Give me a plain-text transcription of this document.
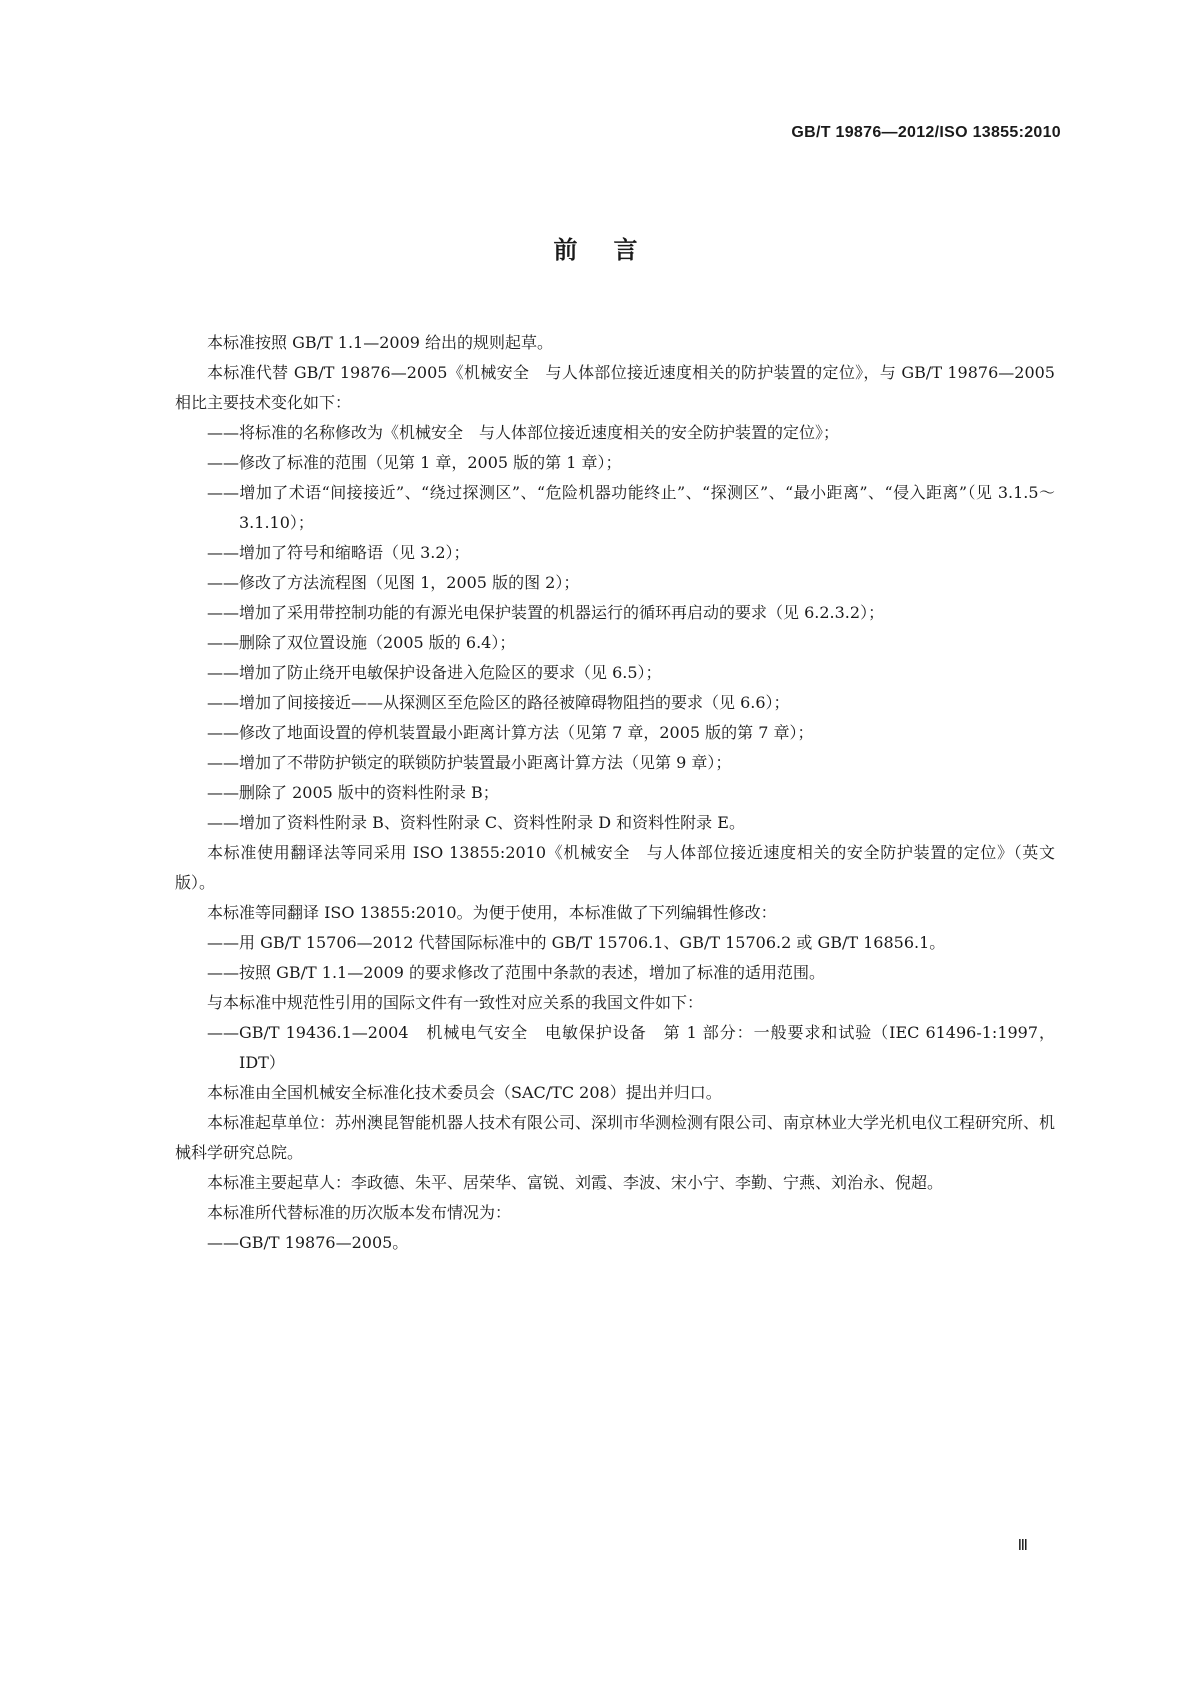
GB/T 19876—2012/ISO 13855:2010
前言

本标准按照 GB/T 1.1—2009 给出的规则起草。

本标准代替 GB/T 19876—2005《机械安全　与人体部位接近速度相关的防护装置的定位》，与 GB/T 19876—2005 相比主要技术变化如下：

——将标准的名称修改为《机械安全　与人体部位接近速度相关的安全防护装置的定位》；

——修改了标准的范围（见第 1 章，2005 版的第 1 章）；

——增加了术语“间接接近”、“绕过探测区”、“危险机器功能终止”、“探测区”、“最小距离”、“侵入距离”（见 3.1.5～3.1.10）；

——增加了符号和缩略语（见 3.2）；

——修改了方法流程图（见图 1，2005 版的图 2）；

——增加了采用带控制功能的有源光电保护装置的机器运行的循环再启动的要求（见 6.2.3.2）；

——删除了双位置设施（2005 版的 6.4）；

——增加了防止绕开电敏保护设备进入危险区的要求（见 6.5）；

——增加了间接接近——从探测区至危险区的路径被障碍物阻挡的要求（见 6.6）；

——修改了地面设置的停机装置最小距离计算方法（见第 7 章，2005 版的第 7 章）；

——增加了不带防护锁定的联锁防护装置最小距离计算方法（见第 9 章）；

——删除了 2005 版中的资料性附录 B；

——增加了资料性附录 B、资料性附录 C、资料性附录 D 和资料性附录 E。

本标准使用翻译法等同采用 ISO 13855:2010《机械安全　与人体部位接近速度相关的安全防护装置的定位》（英文版）。

本标准等同翻译 ISO 13855:2010。为便于使用，本标准做了下列编辑性修改：

——用 GB/T 15706—2012 代替国际标准中的 GB/T 15706.1、GB/T 15706.2 或 GB/T 16856.1。

——按照 GB/T 1.1—2009 的要求修改了范围中条款的表述，增加了标准的适用范围。

与本标准中规范性引用的国际文件有一致性对应关系的我国文件如下：

——GB/T 19436.1—2004　机械电气安全　电敏保护设备　第 1 部分：一般要求和试验（IEC 61496-1:1997，IDT）

本标准由全国机械安全标准化技术委员会（SAC/TC 208）提出并归口。

本标准起草单位：苏州澳昆智能机器人技术有限公司、深圳市华测检测有限公司、南京林业大学光机电仪工程研究所、机械科学研究总院。

本标准主要起草人：李政德、朱平、居荣华、富锐、刘霞、李波、宋小宁、李勤、宁燕、刘治永、倪超。

本标准所代替标准的历次版本发布情况为：

——GB/T 19876—2005。

Ⅲ
